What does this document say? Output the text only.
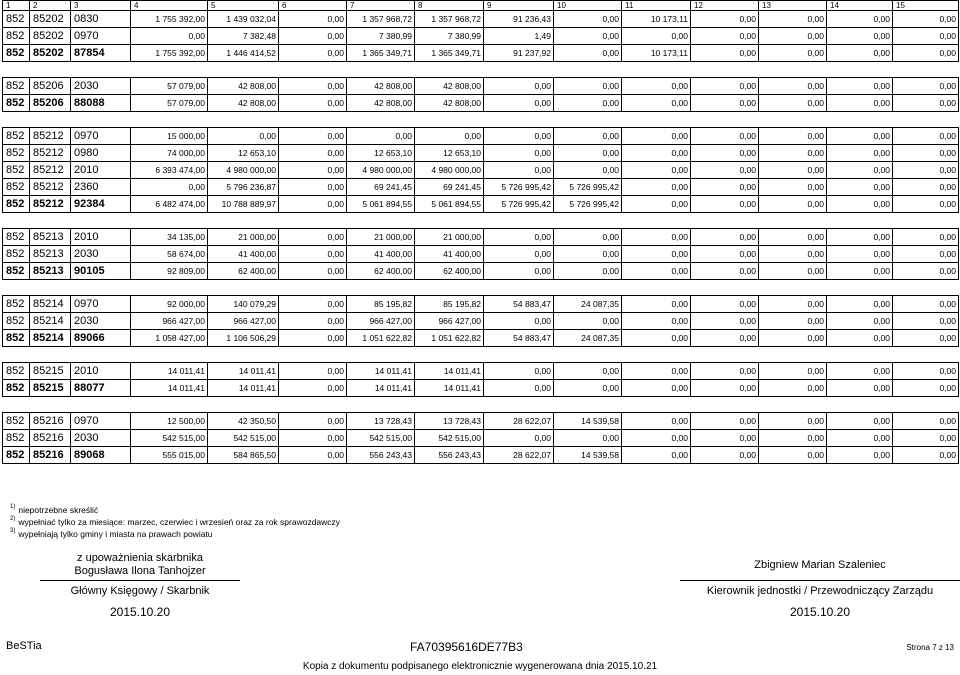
1	2	3	4	5	6	7	8	9	10	11	12	13	14	15
852	85202	0830	1 755 392,00	1 439 032,04	0,00	1 357 968,72	1 357 968,72	91 236,43	0,00	10 173,11	0,00	0,00	0,00	0,00
852	85202	0970	0,00	7 382,48	0,00	7 380,99	7 380,99	1,49	0,00	0,00	0,00	0,00	0,00	0,00
852	85202	87854	1 755 392,00	1 446 414,52	0,00	1 365 349,71	1 365 349,71	91 237,92	0,00	10 173,11	0,00	0,00	0,00	0,00

852	85206	2030	57 079,00	42 808,00	0,00	42 808,00	42 808,00	0,00	0,00	0,00	0,00	0,00	0,00	0,00
852	85206	88088	57 079,00	42 808,00	0,00	42 808,00	42 808,00	0,00	0,00	0,00	0,00	0,00	0,00	0,00

852	85212	0970	15 000,00	0,00	0,00	0,00	0,00	0,00	0,00	0,00	0,00	0,00	0,00	0,00
852	85212	0980	74 000,00	12 653,10	0,00	12 653,10	12 653,10	0,00	0,00	0,00	0,00	0,00	0,00	0,00
852	85212	2010	6 393 474,00	4 980 000,00	0,00	4 980 000,00	4 980 000,00	0,00	0,00	0,00	0,00	0,00	0,00	0,00
852	85212	2360	0,00	5 796 236,87	0,00	69 241,45	69 241,45	5 726 995,42	5 726 995,42	0,00	0,00	0,00	0,00	0,00
852	85212	92384	6 482 474,00	10 788 889,97	0,00	5 061 894,55	5 061 894,55	5 726 995,42	5 726 995,42	0,00	0,00	0,00	0,00	0,00

852	85213	2010	34 135,00	21 000,00	0,00	21 000,00	21 000,00	0,00	0,00	0,00	0,00	0,00	0,00	0,00
852	85213	2030	58 674,00	41 400,00	0,00	41 400,00	41 400,00	0,00	0,00	0,00	0,00	0,00	0,00	0,00
852	85213	90105	92 809,00	62 400,00	0,00	62 400,00	62 400,00	0,00	0,00	0,00	0,00	0,00	0,00	0,00

852	85214	0970	92 000,00	140 079,29	0,00	85 195,82	85 195,82	54 883,47	24 087,35	0,00	0,00	0,00	0,00	0,00
852	85214	2030	966 427,00	966 427,00	0,00	966 427,00	966 427,00	0,00	0,00	0,00	0,00	0,00	0,00	0,00
852	85214	89066	1 058 427,00	1 106 506,29	0,00	1 051 622,82	1 051 622,82	54 883,47	24 087,35	0,00	0,00	0,00	0,00	0,00

852	85215	2010	14 011,41	14 011,41	0,00	14 011,41	14 011,41	0,00	0,00	0,00	0,00	0,00	0,00	0,00
852	85215	88077	14 011,41	14 011,41	0,00	14 011,41	14 011,41	0,00	0,00	0,00	0,00	0,00	0,00	0,00

852	85216	0970	12 500,00	42 350,50	0,00	13 728,43	13 728,43	28 622,07	14 539,58	0,00	0,00	0,00	0,00	0,00
852	85216	2030	542 515,00	542 515,00	0,00	542 515,00	542 515,00	0,00	0,00	0,00	0,00	0,00	0,00	0,00
852	85216	89068	555 015,00	584 865,50	0,00	556 243,43	556 243,43	28 622,07	14 539,58	0,00	0,00	0,00	0,00	0,00
$^{1)}$ niepotrzebne skreślić
$^{2)}$ wypełniać tylko za miesiące: marzec, czerwiec i wrzesień oraz za rok sprawozdawczy
$^{3)}$ wypełniają tylko gminy i miasta na prawach powiatu
z upoważnienia skarbnika
Bogusława Ilona Tanhojzer
Główny Księgowy / Skarbnik
2015.10.20
Zbigniew Marian Szaleniec
Kierownik jednostki / Przewodniczący Zarządu
2015.10.20
BeSTia	FA70395616DE77B3	Strona 7 z 13
Kopia z dokumentu podpisanego elektronicznie wygenerowana dnia 2015.10.21
